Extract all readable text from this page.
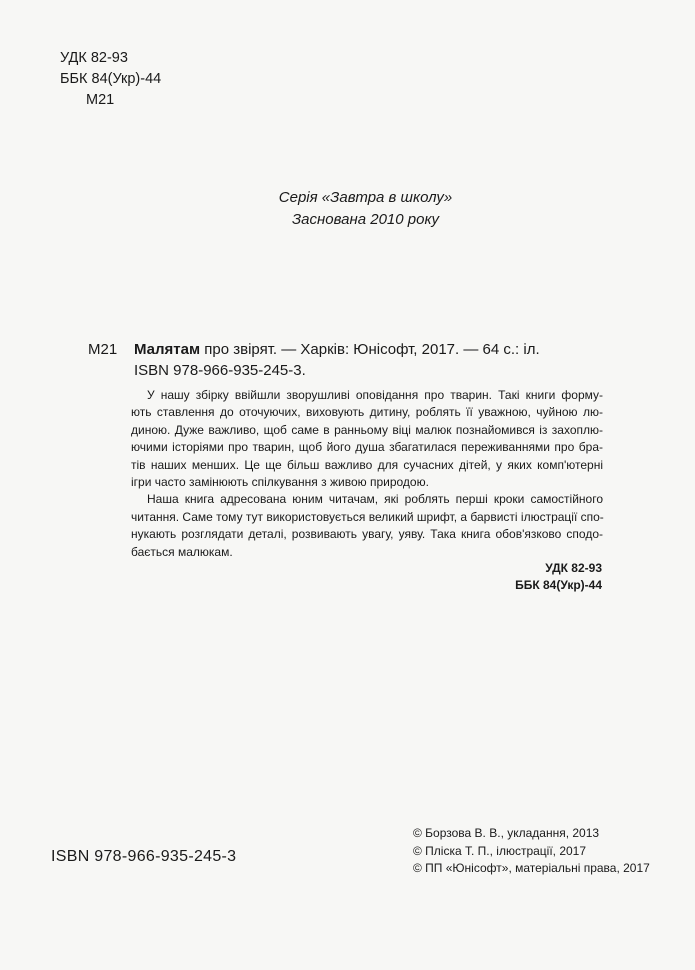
УДК 82-93
ББК 84(Укр)-44
М21
Серія «Завтра в школу»
Заснована 2010 року
М21 Малятам про звірят. — Харків: Юнісофт, 2017. — 64 с.: іл.
ISBN 978-966-935-245-3.
У нашу збірку ввійшли зворушливі оповідання про тварин. Такі книги форму-
ють ставлення до оточуючих, виховують дитину, роблять її уважною, чуйною лю-
диною. Дуже важливо, щоб саме в ранньому віці малюк познайомився із захоплю-
ючими історіями про тварин, щоб його душа збагатилася переживаннями про бра-
тів наших менших. Це ще більш важливо для сучасних дітей, у яких комп'ютерні
ігри часто замінюють спілкування з живою природою.
Наша книга адресована юним читачам, які роблять перші кроки самостійного
читання. Саме тому тут використовується великий шрифт, а барвисті ілюстрації спо-
нукають розглядати деталі, розвивають увагу, уяву. Така книга обов'язково сподо-
бається малюкам.
УДК 82-93
ББК 84(Укр)-44
ISBN 978-966-935-245-3
© Борзова В. В., укладання, 2013
© Пліска Т. П., ілюстрації, 2017
© ПП «Юнісофт», матеріальні права, 2017
